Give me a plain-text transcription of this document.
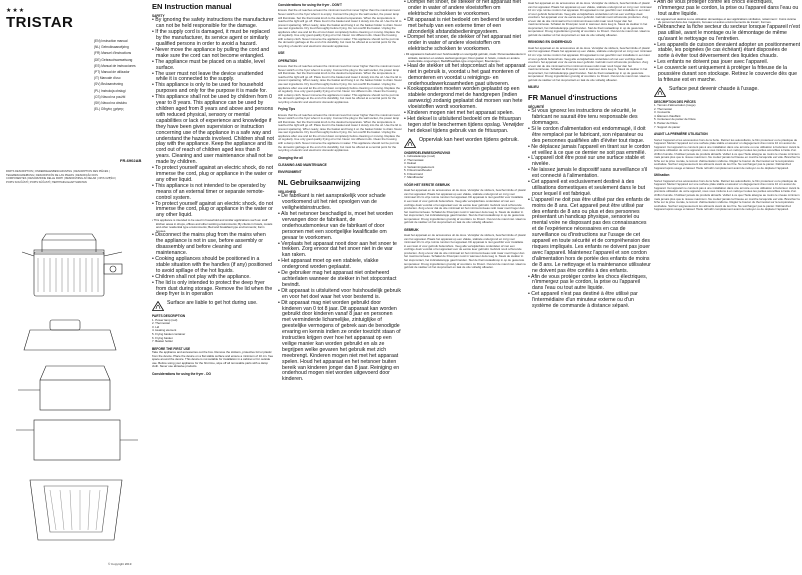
★★★
TRISTAR
(EN) Instruction manual
(NL) Gebruiksaanwijzing
(FR) Manuel d'instructions
(DE) Gebrauchsanweisung
(ES) Manual de instrucciones
(PT) Manual de utilizador
(IT) Manuale d'uso
(SV) Bruksanvisning
(PL) Instrukcja obsługi
(CS) Návod na použití
(SK) Návod na obsluhu
(EL) Οδηγίες χρήσης
FR-6902AB
PARTS DESCRIPTION | ONDERDELENBESCHRIJVING | DESCRIPTION DES PIÈCES | TEILEBESCHREIBUNG | DESCRIPCIÓN DE LAS PIEZAS | DESCRIÇÃO DOS COMPONENTES | DESCRIZIONE DELLE PARTI | BESKRIVNING AV DELAR | OPIS CZĘŚCI | POPIS SOUČÁSTÍ | POPIS SÚČASTÍ | ΠΕΡΙΓΡΑΦΗ ΕΞΑΡΤΗΜΑΤΩΝ
© Copyright 2019
EN Instruction manual
SAFETY
• By ignoring the safety instructions the manufacturer can not be held responsible for the damage.
• If the supply cord is damaged, it must be replaced by the manufacturer, its service agent or similarly qualified persons in order to avoid a hazard.
• Never move the appliance by pulling the cord and make sure the cord can not become entangled.
• The appliance must be placed on a stable, level surface.
• The user must not leave the device unattended while it is connected to the supply.
• This appliance is only to be used for household purposes and only for the purpose it is made for.
• This appliance shall not be used by children from 0 year to 8 years. This appliance can be used by children aged from 8 years and above and persons with reduced physical, sensory or mental capabilities or lack of experience and knowledge if they have been given supervision or instruction concerning use of the appliance in a safe way and understand the hazards involved. Children shall not play with the appliance. Keep the appliance and its cord out of reach of children aged less than 8 years. Cleaning and user maintenance shall not be made by children.
• To protect yourself against an electric shock, do not immerse the cord, plug or appliance in the water or any other liquid.
• This appliance is not intended to be operated by means of an external timer or separate remote-control system.
• To protect yourself against an electric shock, do not immerse the cord, plug or appliance in the water or any other liquid.
• This appliance is intended to be used in household and similar applications such as: staff kitchen areas in shops, offices and other working environments; By clients in hotels, motels and other residential type environments; Bed and breakfast type environments; Farm houses.
• Disconnect the mains plug from the mains when the appliance is not in use, before assembly or disassembly and before cleaning and maintenance.
• Cooking appliances should be positioned in a stable situation with the handles (if any) positioned to avoid spillage of the hot liquids.
• Children shall not play with the appliance.
• The lid is only intended to protect the deep fryer from dust during storage. Remove the lid when the deep fryer is in operation
Surface are liable to get hot during use.
PARTS DESCRIPTION
1. Power lamp (red)
2. Thermostat
3. Lid
4. Heating element
5. Frying basket container
6. Frying basket
7. Basket holder
BEFORE THE FIRST USE
Take the appliance and accessories out the box. Remove the stickers, protective foil or plastic from the device. Place the device on a flat stable surface and ensure a minimum of 10 cm. free space around the device. This device is not suitable for installation in a cabinet or for outside use. Before using your appliance for the first time, wipe off all removable parts with a damp cloth. Never use abrasive products.
Considerations for using the fryer - DO
Considerations for using the fryer - DON'T
Ensure that the oil reaches at least the minimum level but never higher than the maximum level. Never switch on the fryer when it is empty. Connect the plug to the wall socket, the power lamp will illuminate. Set the thermostat knob to the desired temperature. When the temperature is reached the light will go off. Place food in the basket and lower it slowly into the oil. Use the lid to prevent spattering. When ready, raise the basket and hang it on the basket holder to drain. Never use wet ingredients. Dry food thoroughly before frying. Do not overfill the basket. Unplug the appliance after use and let the oil cool down completely before cleaning or moving. Replace the oil regularly. Use only good quality frying oil or fat. Never mix different oils. Clean the housing with a damp cloth. Never immerse the appliance in water. This appliance should not be put into the domestic garbage at the end of its durability, but must be offered at a central point for the recycling of electric and electronic domestic appliances.
USE
OPERATION
Ensure that the oil reaches at least the minimum level but never higher than the maximum level. Never switch on the fryer when it is empty. Connect the plug to the wall socket, the power lamp will illuminate. Set the thermostat knob to the desired temperature. When the temperature is reached the light will go off. Place food in the basket and lower it slowly into the oil. Use the lid to prevent spattering. When ready, raise the basket and hang it on the basket holder to drain. Never use wet ingredients. Dry food thoroughly before frying. Do not overfill the basket. Unplug the appliance after use and let the oil cool down completely before cleaning or moving. Replace the oil regularly. Use only good quality frying oil or fat. Never mix different oils. Clean the housing with a damp cloth. Never immerse the appliance in water. This appliance should not be put into the domestic garbage at the end of its durability, but must be offered at a central point for the recycling of electric and electronic domestic appliances.
Frying Tips
Ensure that the oil reaches at least the minimum level but never higher than the maximum level. Never switch on the fryer when it is empty. Connect the plug to the wall socket, the power lamp will illuminate. Set the thermostat knob to the desired temperature. When the temperature is reached the light will go off. Place food in the basket and lower it slowly into the oil. Use the lid to prevent spattering. When ready, raise the basket and hang it on the basket holder to drain. Never use wet ingredients. Dry food thoroughly before frying. Do not overfill the basket. Unplug the appliance after use and let the oil cool down completely before cleaning or moving. Replace the oil regularly. Use only good quality frying oil or fat. Never mix different oils. Clean the housing with a damp cloth. Never immerse the appliance in water. This appliance should not be put into the domestic garbage at the end of its durability, but must be offered at a central point for the recycling of electric and electronic domestic appliances.
Changing the oil
CLEANING AND MAINTENANCE
ENVIRONMENT
NL Gebruiksaanwijzing
VEILIGHEID
• De fabrikant is niet aansprakelijk voor schade voortkomend uit het niet opvolgen van de veiligheidsinstructies.
• Als het netsnoer beschadigd is, moet het worden vervangen door de fabrikant, de onderhoudsmonteur van de fabrikant of door personen met een soortgelijke kwalificatie om gevaar te voorkomen.
• Verplaats het apparaat nooit door aan het snoer te trekken. Zorg ervoor dat het snoer niet in de war kan raken.
• Het apparaat moet op een stabiele, vlakke ondergrond worden geplaatst.
• De gebruiker mag het apparaat niet onbeheerd achterlaten wanneer de stekker in het stopcontact bevindt.
• Dit apparaat is uitsluitend voor huishoudelijk gebruik en voor het doel waar het voor bestemd is.
• Dit apparaat mag niet worden gebruikt door kinderen van 0 tot 8 jaar. Dit apparaat kan worden gebruikt door kinderen vanaf 8 jaar en personen met verminderde lichamelijke, zintuiglijke of geestelijke vermogens of gebrek aan de benodigde ervaring en kennis indien ze onder toezicht staan of instructies krijgen over hoe het apparaat op een veilige manier kan worden gebruikt en als ze begrijpen welke gevaren het gebruik met zich meebrengt. Kinderen mogen niet met het apparaat spelen. Houd het apparaat en het netsnoer buiten bereik van kinderen jonger dan 8 jaar. Reiniging en onderhoud mogen niet worden uitgevoerd door kinderen.
• Dompel het snoer, de stekker of het apparaat niet onder in water of andere vloeistoffen om elektrische schokken te voorkomen.
• Dit apparaat is niet bedoeld om bediend te worden met behulp van een externe timer of een afzonderlijk afstandsbedieningsysteem.
• Dompel het snoer, de stekker of het apparaat niet onder in water of andere vloeistoffen om elektrische schokken te voorkomen.
• Dit apparaat is bedoeld voor huishoudelijk en soortgelijk gebruik, zoals: Personeelskeukens in winkels, kantoren en andere werkomgevingen; Door gasten in hotels, motels en andere residentiële omgevingen; Bed&Breakfast-type omgevingen; Boerderijen.
• Haal de stekker uit het stopcontact als het apparaat niet in gebruik is, voordat u het gaat monteren of demonteren en voordat u reinigings- en onderhoudswerkzaamheden gaat uitvoeren.
• Kookapparaten moeten worden geplaatst op een stabiele ondergrond met de handgrepen (indien aanwezig) zodanig geplaatst dat morsen van hete vloeistoffen wordt voorkomen.
• Kinderen mogen niet met het apparaat spelen.
• Het deksel is uitsluitend bedoeld om de frituurpan tegen stof te beschermen tijdens opslag. Verwijder het deksel tijdens gebruik van de frituurpan.
Oppervlak kan heet worden tijdens gebruik.
ONDERDELENBESCHRIJVING
1. Indicatielampje (rood)
2. Thermostaat
3. Deksel
4. Verwarmingselement
5. Frituurmandhouder
6. Frituurmand
7. Mandhouder
VÓÓR HET EERSTE GEBRUIK
Haal het apparaat en de accessoires uit de doos. Verwijder de stickers, beschermfolie of plastic van het apparaat. Plaats het apparaat op een vlakke, stabiele ondergrond en zorg voor minimaal 10 cm vrije ruimte rondom het apparaat. Dit apparaat is niet geschikt voor installatie in een kast of voor gebruik buitenshuis. Veeg alle verwijderbare onderdelen af met een vochtige doek voordat u het apparaat voor de eerste keer gebruikt. Gebruik nooit schurende producten. Zorg ervoor dat de olie minimaal tot het minimumniveau reikt maar nooit hoger dan het maximumniveau. Schakel de frituurpan nooit in wanneer deze leeg is. Steek de stekker in het stopcontact, het indicatielampje gaat branden. Stel de thermostaatknop in op de gewenste temperatuur. Droog ingrediënten grondig af voordat u ze frituurt. Overvul de mand niet. Haal na gebruik de stekker uit het stopcontact en laat de olie volledig afkoelen.
GEBRUIK
Haal het apparaat en de accessoires uit de doos. Verwijder de stickers, beschermfolie of plastic van het apparaat. Plaats het apparaat op een vlakke, stabiele ondergrond en zorg voor minimaal 10 cm vrije ruimte rondom het apparaat. Dit apparaat is niet geschikt voor installatie in een kast of voor gebruik buitenshuis. Veeg alle verwijderbare onderdelen af met een vochtige doek voordat u het apparaat voor de eerste keer gebruikt. Gebruik nooit schurende producten. Zorg ervoor dat de olie minimaal tot het minimumniveau reikt maar nooit hoger dan het maximumniveau. Schakel de frituurpan nooit in wanneer deze leeg is. Steek de stekker in het stopcontact, het indicatielampje gaat branden. Stel de thermostaatknop in op de gewenste temperatuur. Droog ingrediënten grondig af voordat u ze frituurt. Overvul de mand niet. Haal na gebruik de stekker uit het stopcontact en laat de olie volledig afkoelen.
Haal het apparaat en de accessoires uit de doos. Verwijder de stickers, beschermfolie of plastic van het apparaat. Plaats het apparaat op een vlakke, stabiele ondergrond en zorg voor minimaal 10 cm vrije ruimte rondom het apparaat. Dit apparaat is niet geschikt voor installatie in een kast of voor gebruik buitenshuis. Veeg alle verwijderbare onderdelen af met een vochtige doek voordat u het apparaat voor de eerste keer gebruikt. Gebruik nooit schurende producten. Zorg ervoor dat de olie minimaal tot het minimumniveau reikt maar nooit hoger dan het maximumniveau. Schakel de frituurpan nooit in wanneer deze leeg is. Steek de stekker in het stopcontact, het indicatielampje gaat branden. Stel de thermostaatknop in op de gewenste temperatuur. Droog ingrediënten grondig af voordat u ze frituurt. Overvul de mand niet. Haal na gebruik de stekker uit het stopcontact en laat de olie volledig afkoelen.
REINIGING EN ONDERHOUD
Haal het apparaat en de accessoires uit de doos. Verwijder de stickers, beschermfolie of plastic van het apparaat. Plaats het apparaat op een vlakke, stabiele ondergrond en zorg voor minimaal 10 cm vrije ruimte rondom het apparaat. Dit apparaat is niet geschikt voor installatie in een kast of voor gebruik buitenshuis. Veeg alle verwijderbare onderdelen af met een vochtige doek voordat u het apparaat voor de eerste keer gebruikt. Gebruik nooit schurende producten. Zorg ervoor dat de olie minimaal tot het minimumniveau reikt maar nooit hoger dan het maximumniveau. Schakel de frituurpan nooit in wanneer deze leeg is. Steek de stekker in het stopcontact, het indicatielampje gaat branden. Stel de thermostaatknop in op de gewenste temperatuur. Droog ingrediënten grondig af voordat u ze frituurt. Overvul de mand niet. Haal na gebruik de stekker uit het stopcontact en laat de olie volledig afkoelen.
MILIEU
FR Manuel d'instructions
SÉCURITÉ
• Si vous ignorez les instructions de sécurité, le fabricant ne saurait être tenu responsable des dommages.
• Si le cordon d'alimentation est endommagé, il doit être remplacé par le fabricant, son réparateur ou des personnes qualifiées afin d'éviter tout risque.
• Ne déplacez jamais l'appareil en tirant sur le cordon et veillez à ce que ce dernier ne soit pas emmêlé.
• L'appareil doit être posé sur une surface stable et nivelée.
• Ne laissez jamais le dispositif sans surveillance s'il est connecté à l'alimentation.
• Cet appareil est exclusivement destiné à des utilisations domestiques et seulement dans le but pour lequel il est fabriqué.
• L'appareil ne doit pas être utilisé par des enfants de moins de 8 ans. Cet appareil peut être utilisé par des enfants de 8 ans ou plus et des personnes présentant un handicap physique, sensoriel ou mental voire ne disposant pas des connaissances et de l'expérience nécessaires en cas de surveillance ou d'instructions sur l'usage de cet appareil en toute sécurité et de compréhension des risques impliqués. Les enfants ne doivent pas jouer avec l'appareil. Maintenez l'appareil et son cordon d'alimentation hors de portée des enfants de moins de 8 ans. Le nettoyage et la maintenance utilisateur ne doivent pas être confiés à des enfants.
• Afin de vous protéger contre les chocs électriques, n'immergez pas le cordon, la prise ou l'appareil dans l'eau ou tout autre liquide.
• Cet appareil n'est pas destiné à être utilisé par l'intermédiaire d'un minuteur externe ou d'un système de commande à distance séparé.
• Afin de vous protéger contre les chocs électriques, n'immergez pas le cordon, la prise ou l'appareil dans l'eau ou tout autre liquide.
• Cet appareil est destiné à une utilisation domestique et aux applications similaires, notamment : Coins cuisine du personnel dans des magasins, bureaux et autres environnements de travail ; Fermes.
• Débranchez la fiche secteur du secteur lorsque l'appareil n'est pas utilisé, avant le montage ou le démontage de même qu'avant le nettoyage ou l'entretien.
• Les appareils de cuisson devraient adopter un positionnement stable, les poignées (le cas échéant) étant disposées de sorte à éviter tout déversement des liquides chauds.
• Les enfants ne doivent pas jouer avec l'appareil.
• Le couvercle sert uniquement à protéger la friteuse de la poussière durant son stockage. Retirez le couvercle dès que la friteuse est en marche.
Surface peut devenir chaude à l'usage.
DESCRIPTION DES PIÈCES
1. Témoin d'alimentation (rouge)
2. Thermostat
3. Couvercle
4. Élément chauffant
5. Conteneur de panier de friture
6. Panier de friture
7. Support du panier
AVANT LA PREMIÈRE UTILISATION
Sortez l'appareil et les accessoires hors de la boîte. Retirez les autocollants, le film protecteur ou le plastique de l'appareil. Mettez l'appareil sur une surface plate stable et assurez un dégagement d'au moins 10 cm autour de l'appareil. Cet appareil ne convient pas à une installation dans une armoire ou une utilisation à l'extérieur. Avant la première utilisation de votre appareil, nous vous invitons à en nettoyer toutes les parties amovibles à l'aide d'un chiffon humide. N'utilisez jamais de produits abrasifs. Veillez à ce que l'huile atteigne au moins le niveau minimum mais jamais plus que le niveau maximum. Ne mettez jamais la friteuse en marche lorsqu'elle est vide. Branchez la fiche sur la prise murale, le témoin d'alimentation s'allume. Réglez le bouton du thermostat sur la température souhaitée. Séchez soigneusement les aliments avant de les frire. Ne surchargez pas le panier. Débranchez l'appareil après usage et laissez l'huile refroidir complètement avant de nettoyer ou de déplacer l'appareil.
Utilisation
Sortez l'appareil et les accessoires hors de la boîte. Retirez les autocollants, le film protecteur ou le plastique de l'appareil. Mettez l'appareil sur une surface plate stable et assurez un dégagement d'au moins 10 cm autour de l'appareil. Cet appareil ne convient pas à une installation dans une armoire ou une utilisation à l'extérieur. Avant la première utilisation de votre appareil, nous vous invitons à en nettoyer toutes les parties amovibles à l'aide d'un chiffon humide. N'utilisez jamais de produits abrasifs. Veillez à ce que l'huile atteigne au moins le niveau minimum mais jamais plus que le niveau maximum. Ne mettez jamais la friteuse en marche lorsqu'elle est vide. Branchez la fiche sur la prise murale, le témoin d'alimentation s'allume. Réglez le bouton du thermostat sur la température souhaitée. Séchez soigneusement les aliments avant de les frire. Ne surchargez pas le panier. Débranchez l'appareil après usage et laissez l'huile refroidir complètement avant de nettoyer ou de déplacer l'appareil.
